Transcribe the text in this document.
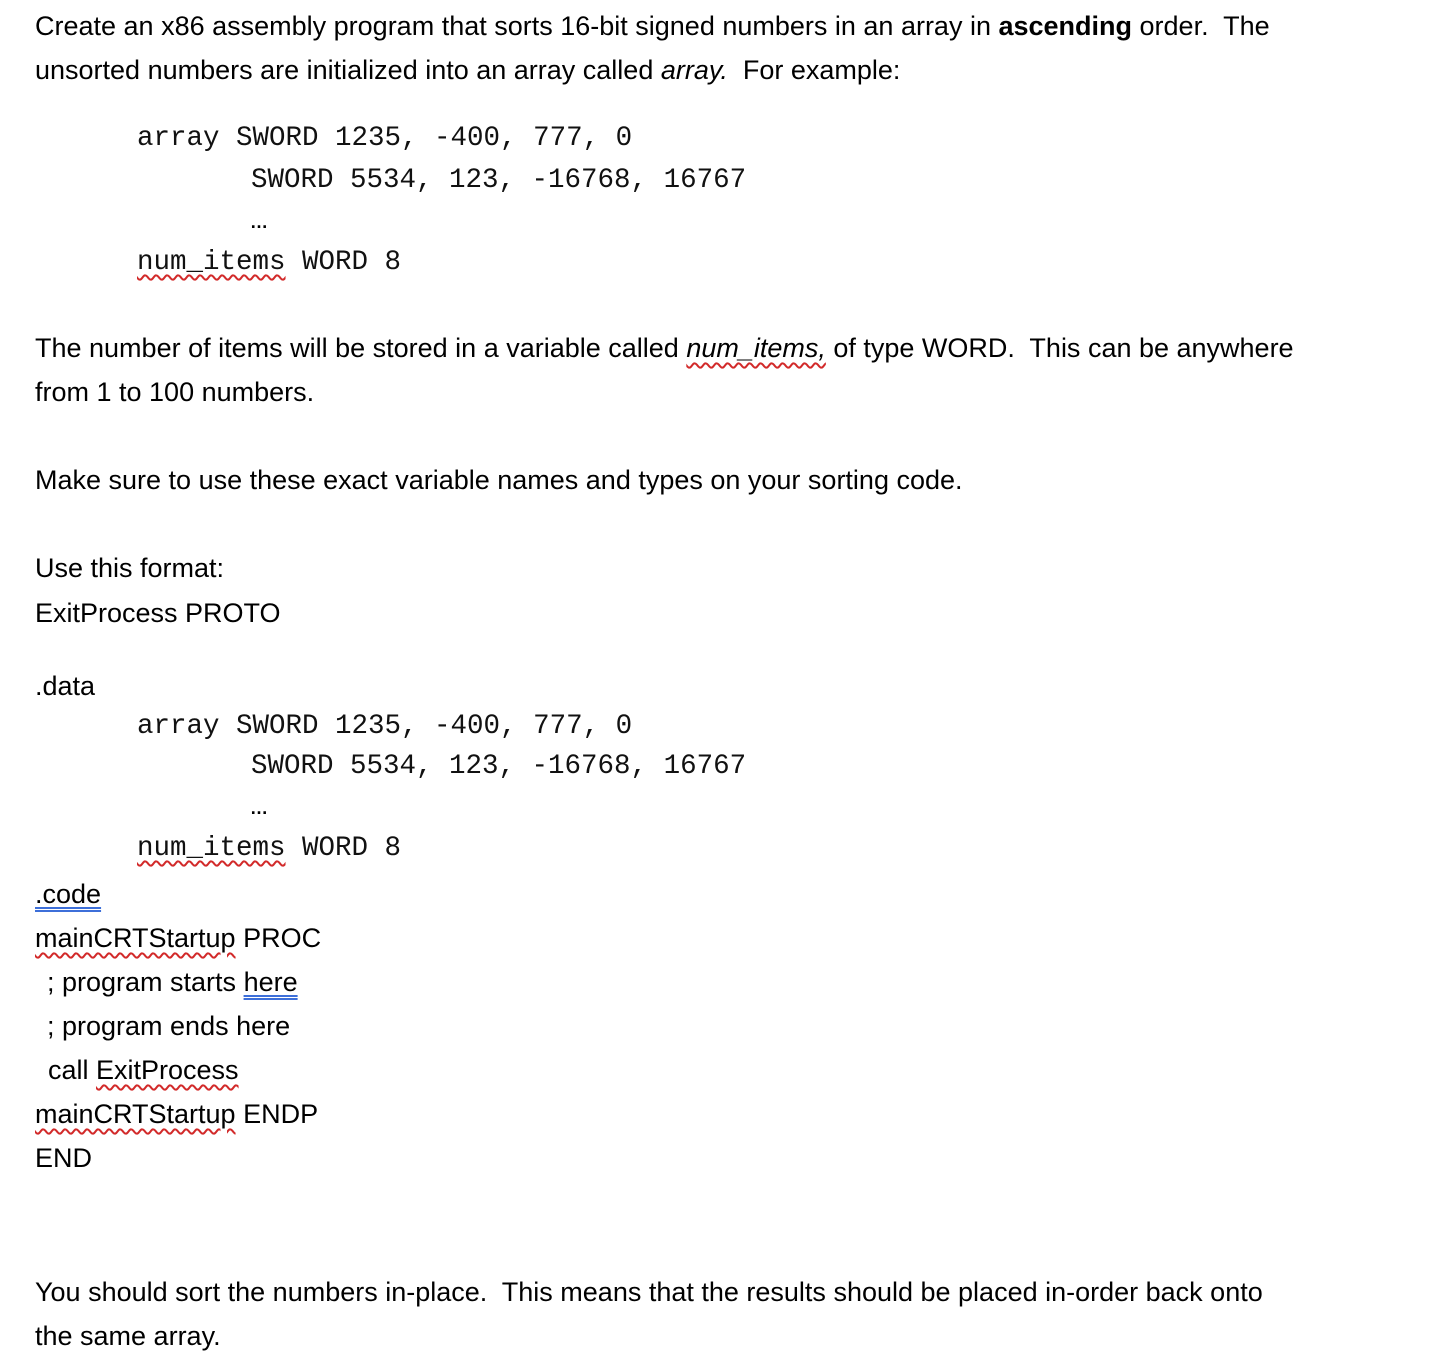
Create an x86 assembly program that sorts 16-bit signed numbers in an array in ascending order.  The
unsorted numbers are initialized into an array called array.  For example:
array SWORD 1235, -400, 777, 0
SWORD 5534, 123, -16768, 16767
…
num_items WORD 8
The number of items will be stored in a variable called num_items, of type WORD.  This can be anywhere
from 1 to 100 numbers.
Make sure to use these exact variable names and types on your sorting code.
Use this format:
ExitProcess PROTO
.data
array SWORD 1235, -400, 777, 0
SWORD 5534, 123, -16768, 16767
…
num_items WORD 8
.code
mainCRTStartup PROC
; program starts here
; program ends here
call ExitProcess
mainCRTStartup ENDP
END
You should sort the numbers in-place.  This means that the results should be placed in-order back onto
the same array.
